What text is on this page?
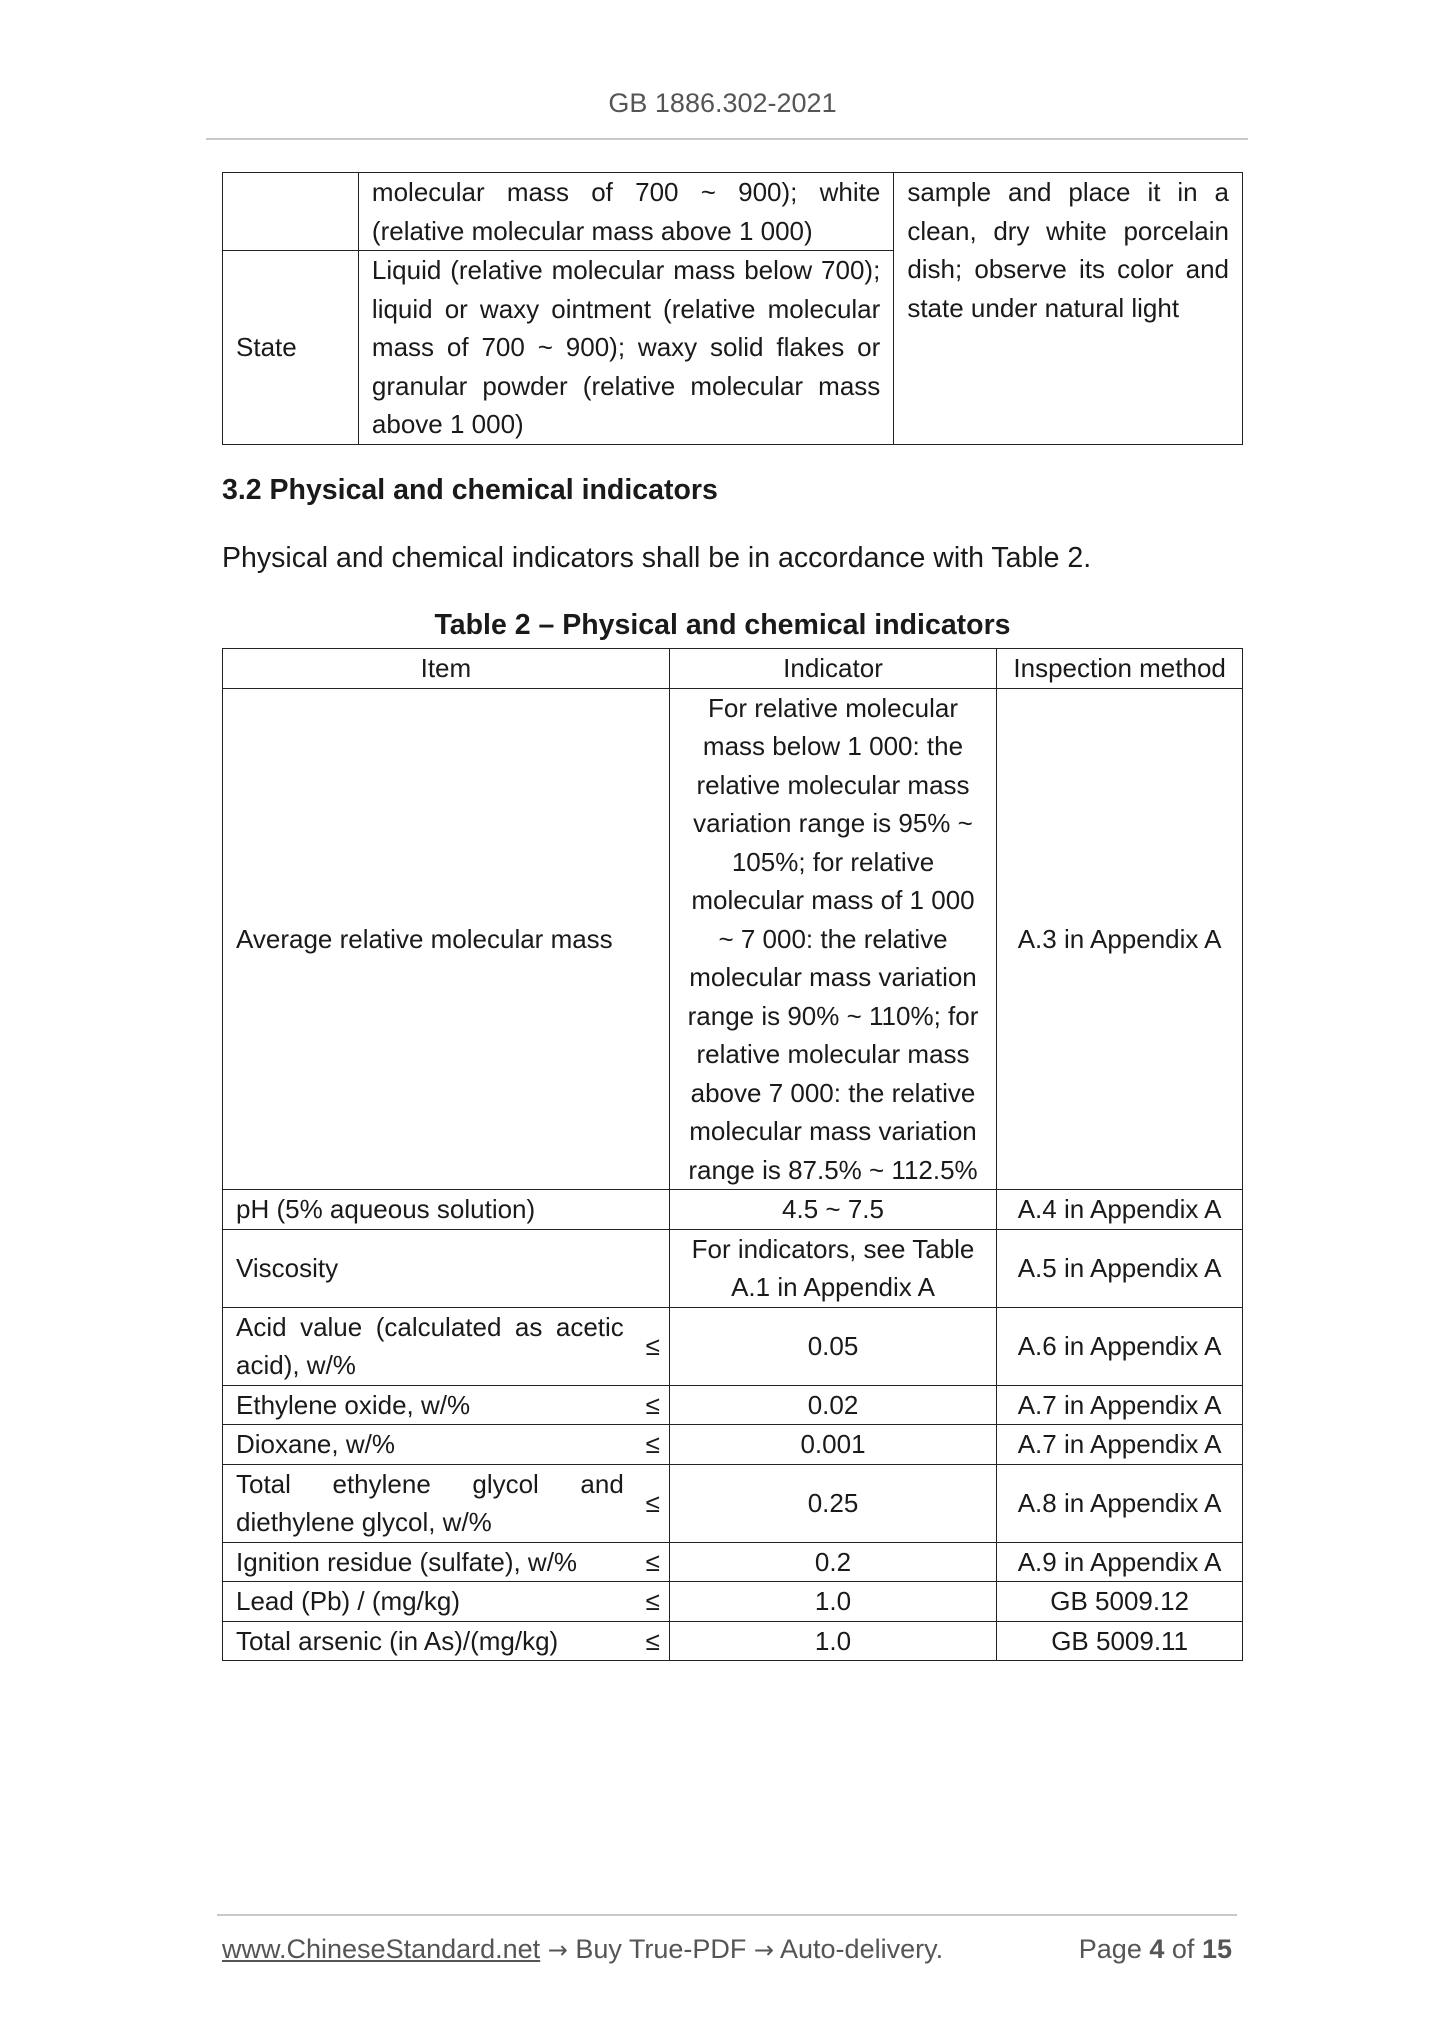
GB 1886.302-2021
	molecular mass of 700 ~ 900); white (relative molecular mass above 1 000)	sample and place it in a clean, dry white porcelain dish; observe its color and state under natural light
State	Liquid (relative molecular mass below 700); liquid or waxy ointment (relative molecular mass of 700 ~ 900); waxy solid flakes or granular powder (relative molecular mass above 1 000)	
3.2 Physical and chemical indicators
Physical and chemical indicators shall be in accordance with Table 2.
Table 2 – Physical and chemical indicators
Item		Indicator	Inspection method
Average relative molecular mass		For relative molecular mass below 1 000: the relative molecular mass variation range is 95% ~ 105%; for relative molecular mass of 1 000 ~ 7 000: the relative molecular mass variation range is 90% ~ 110%; for relative molecular mass above 7 000: the relative molecular mass variation range is 87.5% ~ 112.5%	A.3 in Appendix A
pH (5% aqueous solution)		4.5 ~ 7.5	A.4 in Appendix A
Viscosity		For indicators, see Table A.1 in Appendix A	A.5 in Appendix A
Acid value (calculated as acetic acid), w/%	≤	0.05	A.6 in Appendix A
Ethylene oxide, w/%	≤	0.02	A.7 in Appendix A
Dioxane, w/%	≤	0.001	A.7 in Appendix A
Total ethylene glycol and diethylene glycol, w/%	≤	0.25	A.8 in Appendix A
Ignition residue (sulfate), w/%	≤	0.2	A.9 in Appendix A
Lead (Pb) / (mg/kg)	≤	1.0	GB 5009.12
Total arsenic (in As)/(mg/kg)	≤	1.0	GB 5009.11
www.ChineseStandard.net → Buy True-PDF → Auto-delivery.	Page 4 of 15
